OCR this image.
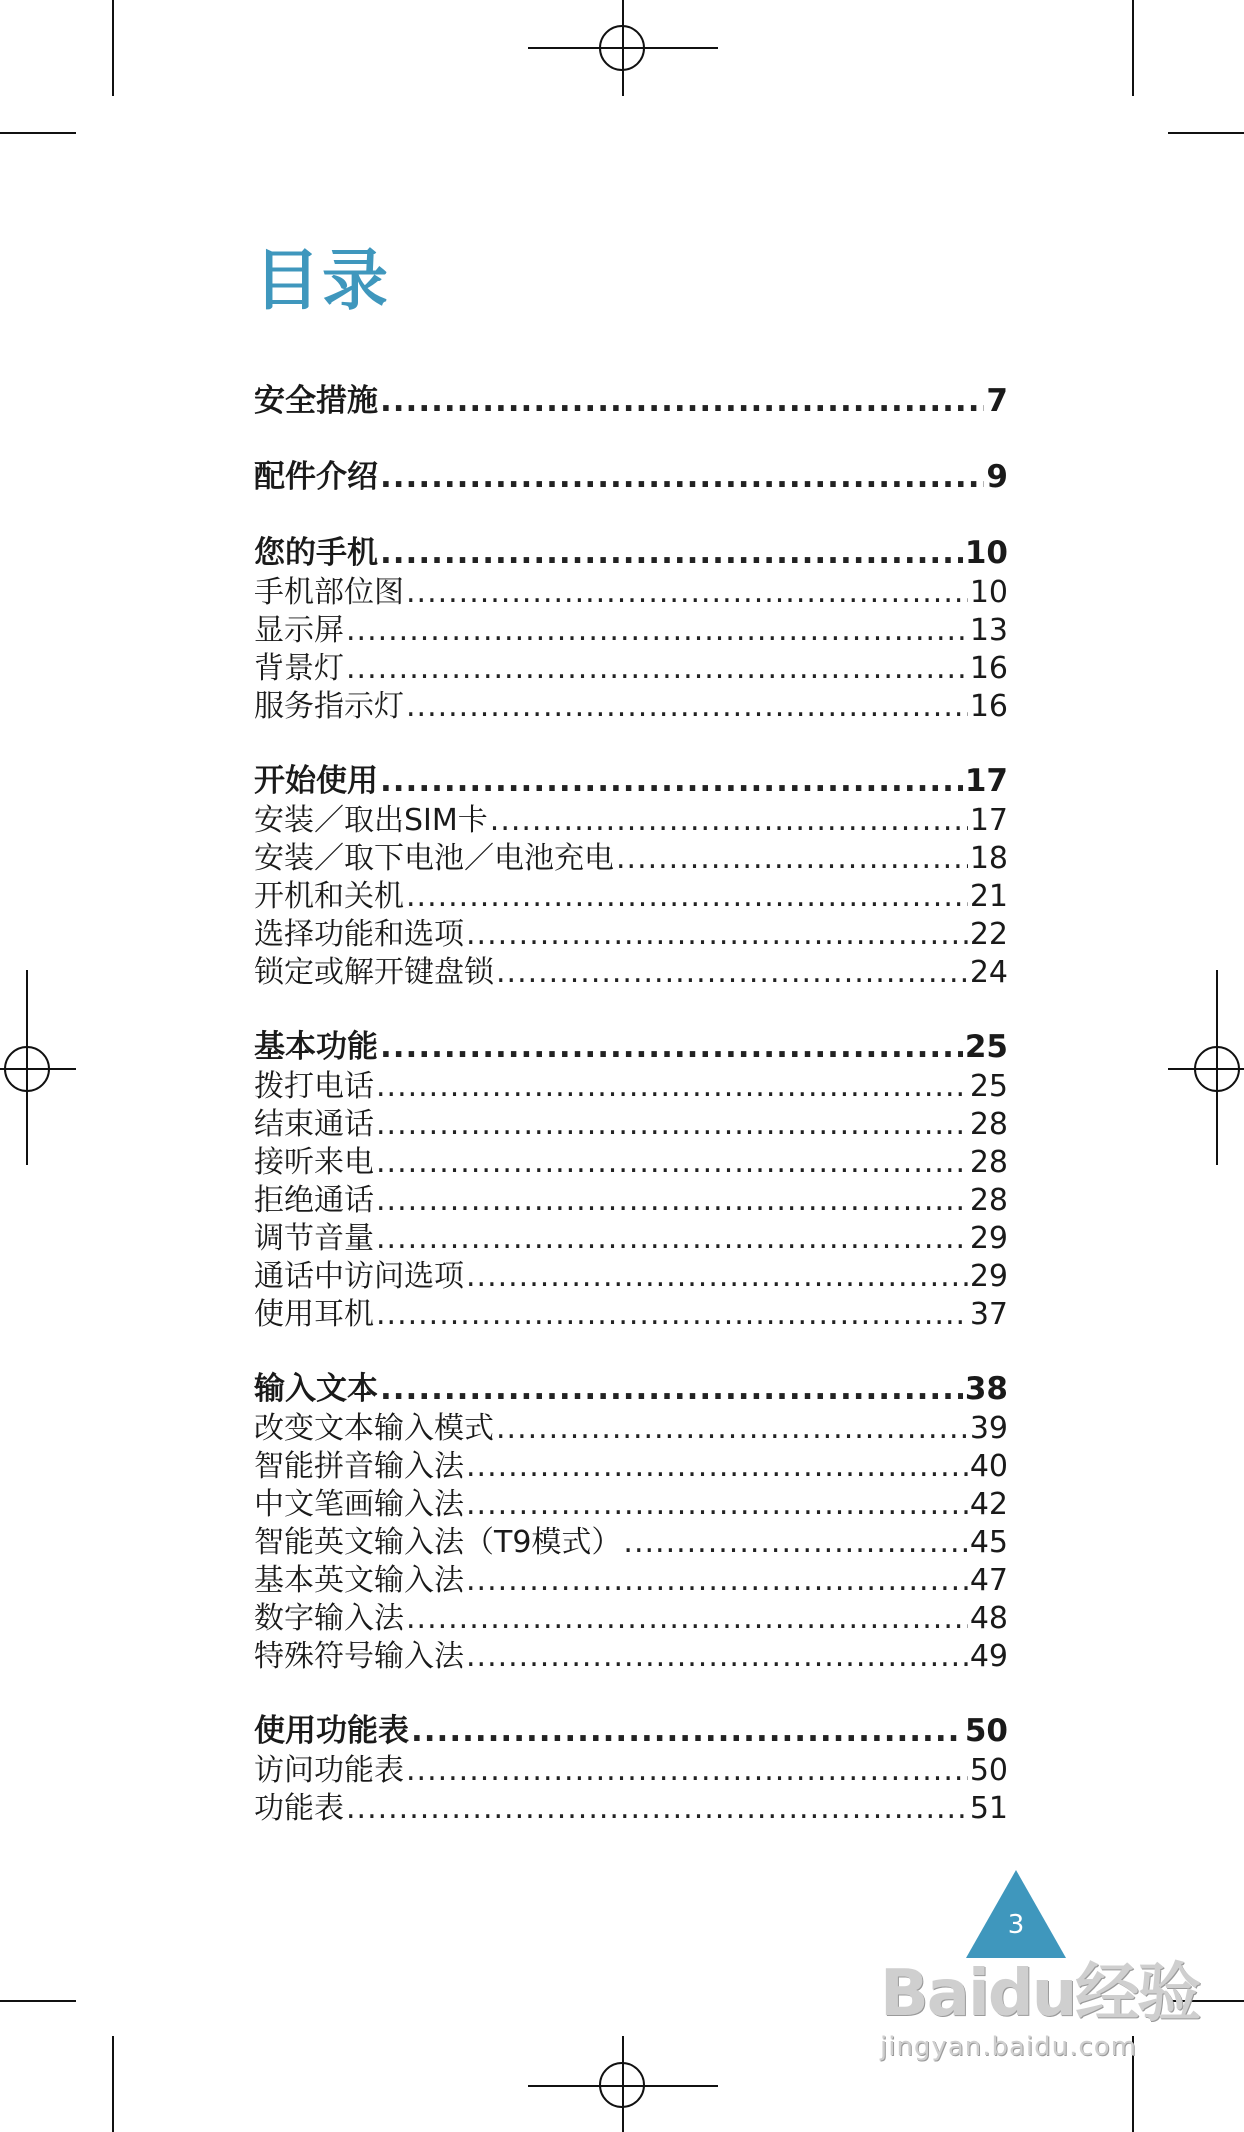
目录
安全措施 .....	7
配件介绍 .....	9
您的手机 .....	10
手机部位图 .....	10
显示屏 .....	13
背景灯 .....	16
服务指示灯 .....	16
开始使用 .....	17
安装／取出SIM卡 .....	17
安装／取下电池／电池充电 .....	18
开机和关机 .....	21
选择功能和选项 .....	22
锁定或解开键盘锁 .....	24
基本功能 .....	25
拨打电话 .....	25
结束通话 .....	28
接听来电 .....	28
拒绝通话 .....	28
调节音量 .....	29
通话中访问选项 .....	29
使用耳机 .....	37
输入文本 .....	38
改变文本输入模式 .....	39
智能拼音输入法 .....	40
中文笔画输入法 .....	42
智能英文输入法（T9模式） .....	45
基本英文输入法 .....	47
数字输入法 .....	48
特殊符号输入法 .....	49
使用功能表 .....	50
访问功能表 .....	50
功能表 .....	51
3
Baidu经验
jingyan.baidu.com
